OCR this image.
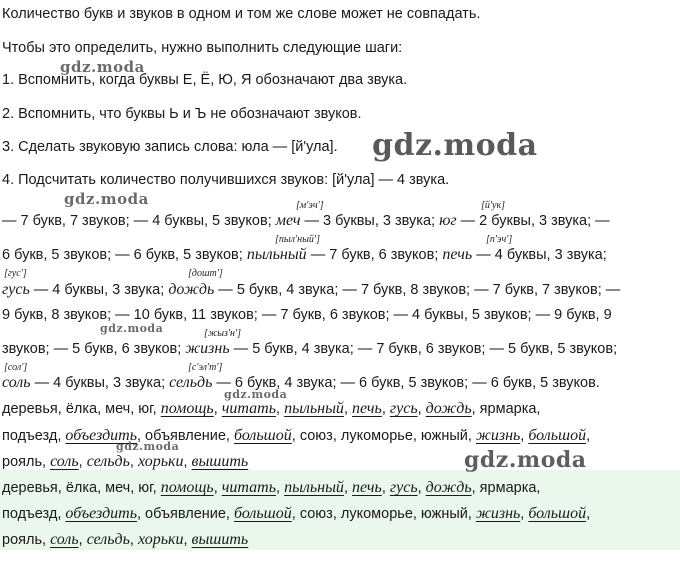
Количество букв и звуков в одном и том же слове может не совпадать.
Чтобы это определить, нужно выполнить следующие шаги:
1. Вспомнить, когда буквы Е, Ё, Ю, Я обозначают два звука.
2. Вспомнить, что буквы Ь и Ъ не обозначают звуков.
3. Сделать звуковую запись слова: юла — [й'ула].
4. Подсчитать количество получившихся звуков: [й'ула] — 4 звука.
— 7 букв, 7 звуков; — 4 буквы, 5 звуков; меч — 3 буквы, 3 звука; юг — 2 буквы, 3 звука; —
[ м'эч' ]	[ й'ук ]
6 букв, 5 звуков; — 6 букв, 5 звуков; пыльный — 7 букв, 6 звуков; печь — 4 буквы, 3 звука;
[ пыл'ный' ]	[ п'эч' ]
гусь — 4 буквы, 3 звука; дождь — 5 букв, 4 звука; — 7 букв, 8 звуков; — 7 букв, 7 звуков; —
[ гус' ]	[ дошт' ]
9 букв, 8 звуков; — 10 букв, 11 звуков; — 7 букв, 6 звуков; — 4 буквы, 5 звуков; — 9 букв, 9
звуков; — 5 букв, 6 звуков; жизнь — 5 букв, 4 звука; — 7 букв, 6 звуков; — 5 букв, 5 звуков;
[ жыз'н' ]
соль — 4 буквы, 3 звука; сельдь — 6 букв, 4 звука; — 6 букв, 5 звуков; — 6 букв, 5 звуков.
[ сол' ]	[ с'эл'т' ]
деревья, ёлка, меч, юг, помощь, читать, пыльный, печь, гусь, дождь, ярмарка,
подъезд, объездить, объявление, большой, союз, лукоморье, южный, жизнь, большой,
рояль, соль, сельдь, хорьки, вышить
деревья, ёлка, меч, юг, помощь, читать, пыльный, печь, гусь, дождь, ярмарка,
подъезд, объездить, объявление, большой, союз, лукоморье, южный, жизнь, большой,
рояль, соль, сельдь, хорьки, вышить
gdz.moda
gdz.moda
gdz.moda
gdz.moda
gdz.moda
gdz.moda
gdz.moda
